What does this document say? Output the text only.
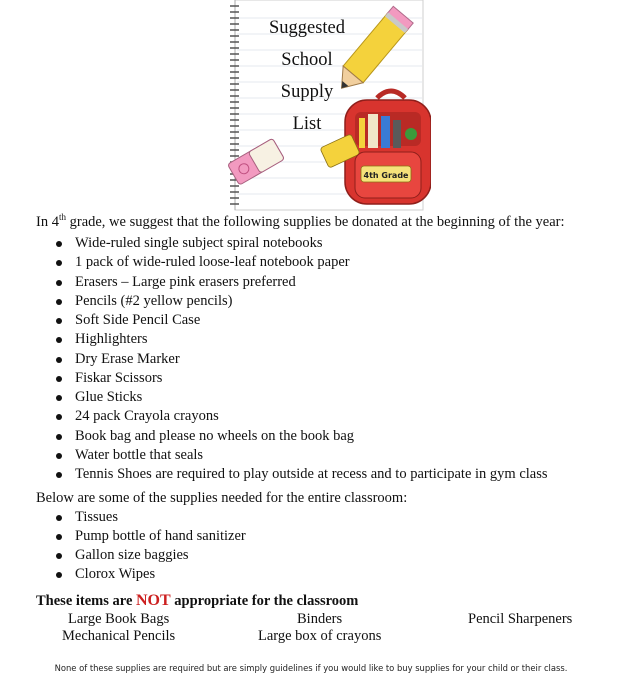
4th Grade
Suggested
School
Supply
List
In 4th grade, we suggest that the following supplies be donated at the beginning of the year:
Wide-ruled single subject spiral notebooks
1 pack of wide-ruled loose-leaf notebook paper
Erasers – Large pink erasers preferred
Pencils (#2 yellow pencils)
Soft Side Pencil Case
Highlighters
Dry Erase Marker
Fiskar Scissors
Glue Sticks
24 pack Crayola crayons
Book bag and please no wheels on the book bag
Water bottle that seals
Tennis Shoes are required to play outside at recess and to participate in gym class
Below are some of the supplies needed for the entire classroom:
Tissues
Pump bottle of hand sanitizer
Gallon size baggies
Clorox Wipes
These items are NOT appropriate for the classroom
Large Book Bags	Binders	Pencil Sharpeners
Mechanical Pencils	Large box of crayons
None of these supplies are required but are simply guidelines if you would like to buy supplies for your child or their class.
